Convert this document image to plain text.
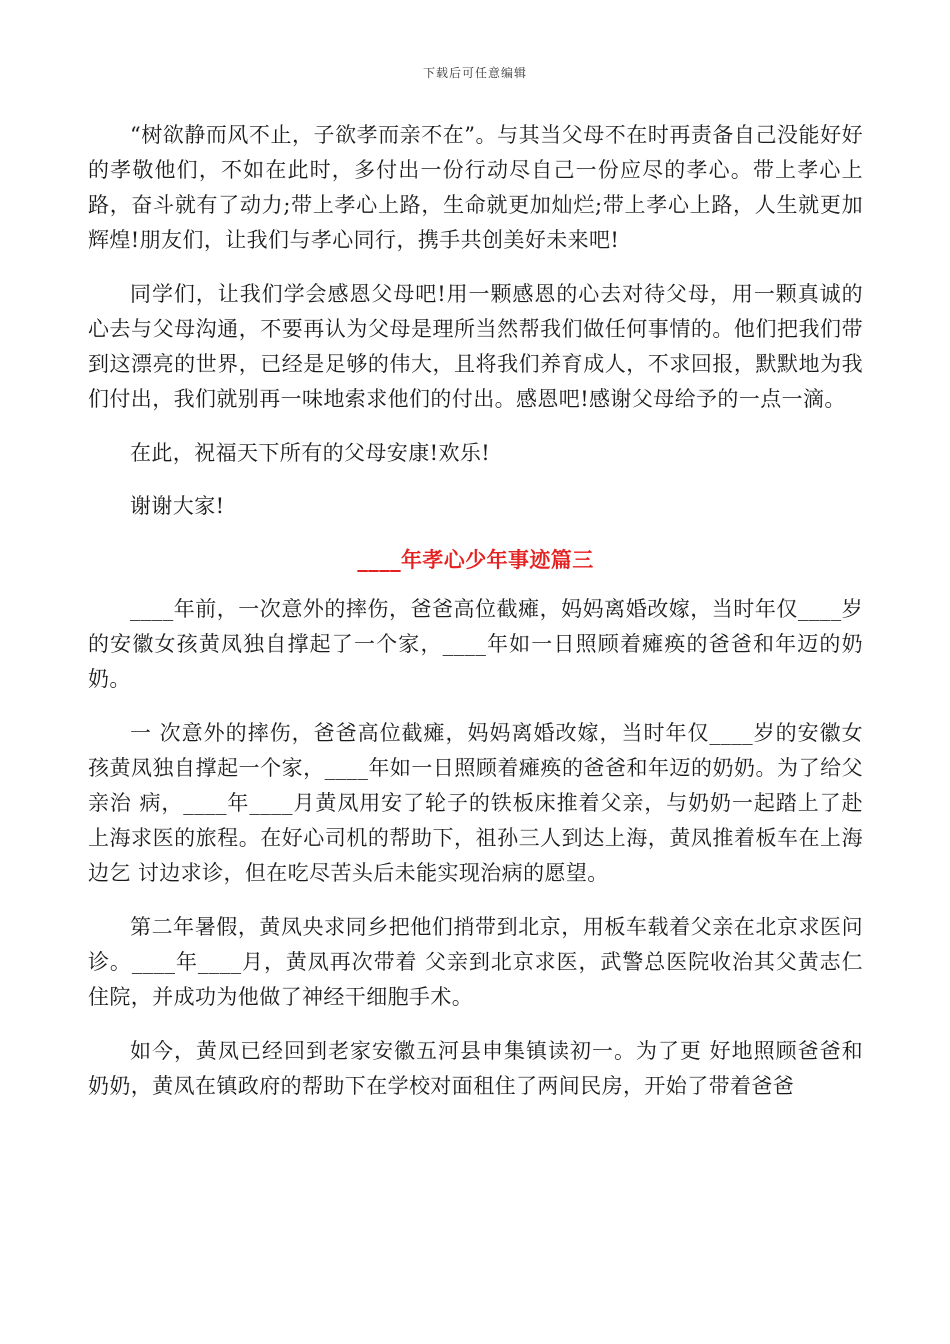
下载后可任意编辑

“树欲静而风不止，子欲孝而亲不在”。与其当父母不在时再责备自己没能好好的孝敬他们，不如在此时，多付出一份行动尽自己一份应尽的孝心。带上孝心上路，奋斗就有了动力;带上孝心上路，生命就更加灿烂;带上孝心上路，人生就更加辉煌!朋友们，让我们与孝心同行，携手共创美好未来吧!

同学们，让我们学会感恩父母吧!用一颗感恩的心去对待父母，用一颗真诚的心去与父母沟通，不要再认为父母是理所当然帮我们做任何事情的。他们把我们带到这漂亮的世界，已经是足够的伟大，且将我们养育成人，不求回报，默默地为我们付出，我们就别再一味地索求他们的付出。感恩吧!感谢父母给予的一点一滴。

在此，祝福天下所有的父母安康!欢乐!

谢谢大家!

____年孝心少年事迹篇三

____年前，一次意外的摔伤，爸爸高位截瘫，妈妈离婚改嫁，当时年仅____岁的安徽女孩黄凤独自撑起了一个家，____年如一日照顾着瘫痪的爸爸和年迈的奶奶。

一 次意外的摔伤，爸爸高位截瘫，妈妈离婚改嫁，当时年仅____岁的安徽女孩黄凤独自撑起一个家，____年如一日照顾着瘫痪的爸爸和年迈的奶奶。为了给父亲治 病，____年____月黄凤用安了轮子的铁板床推着父亲，与奶奶一起踏上了赴上海求医的旅程。在好心司机的帮助下，祖孙三人到达上海，黄凤推着板车在上海边乞 讨边求诊，但在吃尽苦头后未能实现治病的愿望。

第二年暑假，黄凤央求同乡把他们捎带到北京，用板车载着父亲在北京求医问诊。____年____月，黄凤再次带着 父亲到北京求医，武警总医院收治其父黄志仁住院，并成功为他做了神经干细胞手术。

如今，黄凤已经回到老家安徽五河县申集镇读初一。为了更 好地照顾爸爸和奶奶，黄凤在镇政府的帮助下在学校对面租住了两间民房，开始了带着爸爸
